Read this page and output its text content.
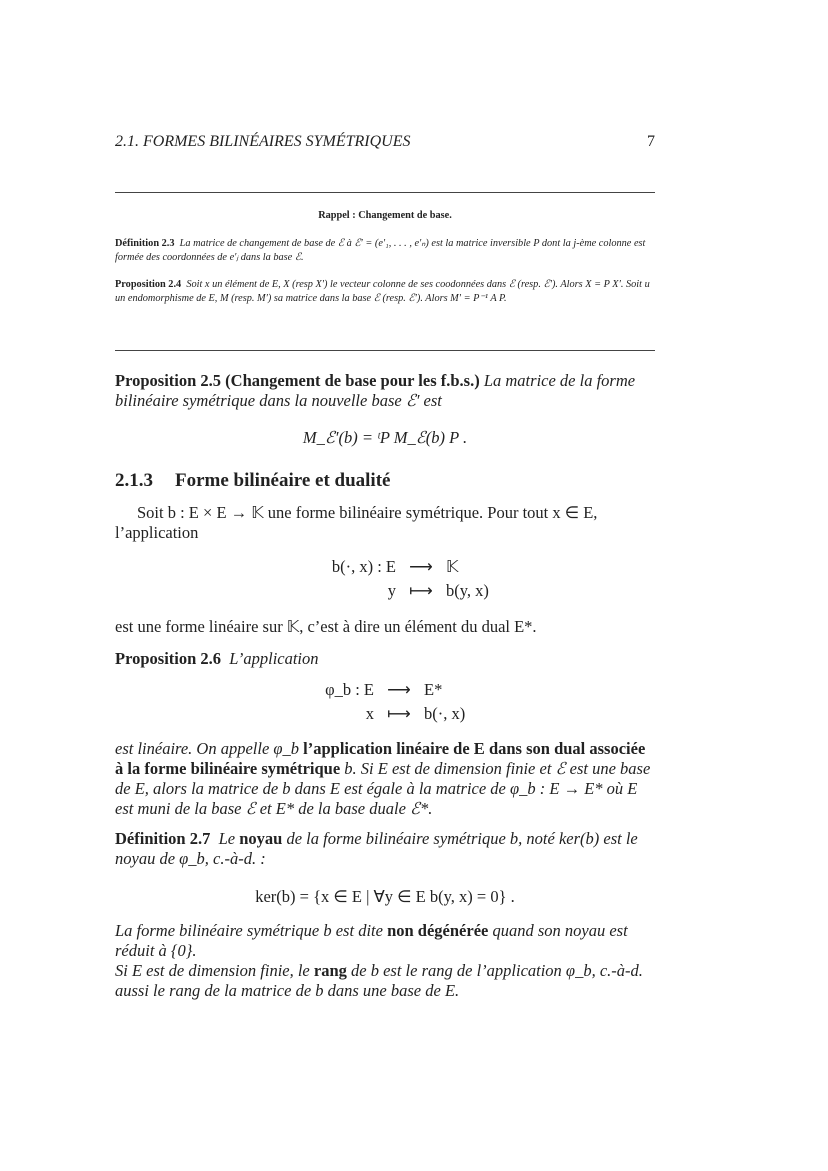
2.1. FORMES BILINÉAIRES SYMÉTRIQUES	7
Rappel : Changement de base.
Définition 2.3 La matrice de changement de base de ℰ à ℰ′ = (e′₁, . . . , e′ₙ) est la matrice inversible P dont la j-ème colonne est formée des coordonnées de e′ⱼ dans la base ℰ.
Proposition 2.4 Soit x un élément de E, X (resp X′) le vecteur colonne de ses coodonnées dans ℰ (resp. ℰ′). Alors X = P X′. Soit u un endomorphisme de E, M (resp. M′) sa matrice dans la base ℰ (resp. ℰ′). Alors M′ = P⁻¹ A P.
Proposition 2.5 (Changement de base pour les f.b.s.) La matrice de la forme bilinéaire symétrique dans la nouvelle base ℰ′ est
M_ℰ′(b) = ᵗP M_ℰ(b) P .
2.1.3 Forme bilinéaire et dualité
Soit b : E × E → 𝕂 une forme bilinéaire symétrique. Pour tout x ∈ E, l’application
b(·, x) : E ⟶ 𝕂
y ⟼ b(y, x)
est une forme linéaire sur 𝕂, c’est à dire un élément du dual E*.
Proposition 2.6 L’application
φ_b : E ⟶ E*
x ⟼ b(·, x)
est linéaire. On appelle φ_b l’application linéaire de E dans son dual associée à la forme bilinéaire symétrique b. Si E est de dimension finie et ℰ est une base de E, alors la matrice de b dans E est égale à la matrice de φ_b : E → E* où E est muni de la base ℰ et E* de la base duale ℰ*.
Définition 2.7 Le noyau de la forme bilinéaire symétrique b, noté ker(b) est le noyau de φ_b, c.-à-d. :
ker(b) = {x ∈ E | ∀y ∈ E b(y, x) = 0} .
La forme bilinéaire symétrique b est dite non dégénérée quand son noyau est réduit à {0}.
Si E est de dimension finie, le rang de b est le rang de l’application φ_b, c.-à-d. aussi le rang de la matrice de b dans une base de E.
